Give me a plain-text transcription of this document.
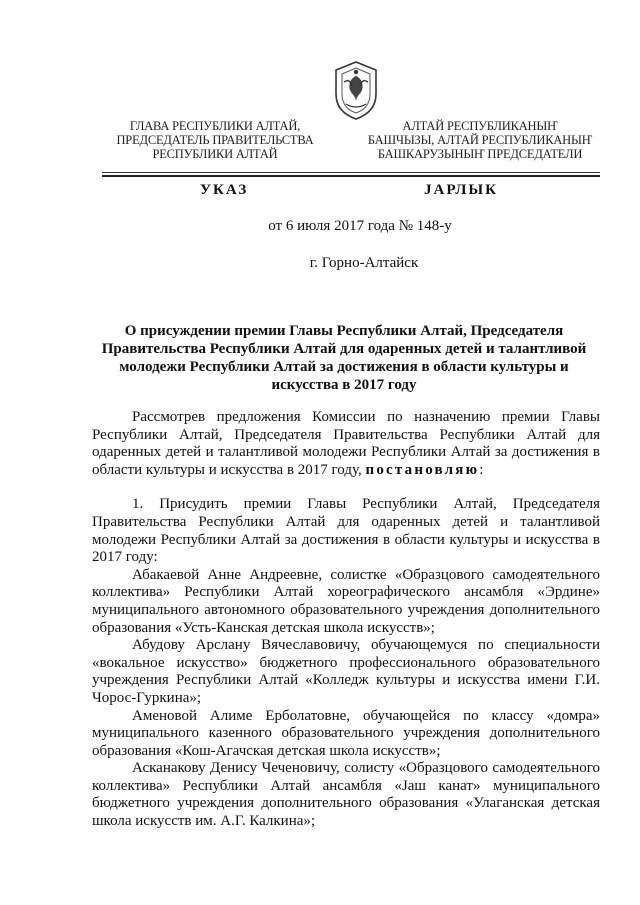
ГЛАВА РЕСПУБЛИКИ АЛТАЙ,
ПРЕДСЕДАТЕЛЬ ПРАВИТЕЛЬСТВА
РЕСПУБЛИКИ АЛТАЙ
АЛТАЙ РЕСПУБЛИКАНЫҤ
БАШЧЫЗЫ, АЛТАЙ РЕСПУБЛИКАНЫҤ
БАШКАРУЗЫНЫҤ ПРЕДСЕДАТЕЛИ
УКАЗ	JАРЛЫК
от 6 июля 2017 года № 148-у
г. Горно-Алтайск
О присуждении премии Главы Республики Алтай, Председателя Правительства Республики Алтай для одаренных детей и талантливой молодежи Республики Алтай за достижения в области культуры и искусства в 2017 году

Рассмотрев предложения Комиссии по назначению премии Главы Республики Алтай, Председателя Правительства Республики Алтай для одаренных детей и талантливой молодежи Республики Алтай за достижения в области культуры и искусства в 2017 году, постановляю:

1. Присудить премии Главы Республики Алтай, Председателя Правительства Республики Алтай для одаренных детей и талантливой молодежи Республики Алтай за достижения в области культуры и искусства в 2017 году:

Абакаевой Анне Андреевне, солистке «Образцового самодеятельного коллектива» Республики Алтай хореографического ансамбля «Эрдине» муниципального автономного образовательного учреждения дополнительного образования «Усть-Канская детская школа искусств»;

Абудову Арслану Вячеславовичу, обучающемуся по специальности «вокальное искусство» бюджетного профессионального образовательного учреждения Республики Алтай «Колледж культуры и искусства имени Г.И. Чорос-Гуркина»;

Аменовой Алиме Ерболатовне, обучающейся по классу «домра» муниципального казенного образовательного учреждения дополнительного образования «Кош-Агачская детская школа искусств»;

Асканакову Денису Чеченовичу, солисту «Образцового самодеятельного коллектива» Республики Алтай ансамбля «Јаш канат» муниципального бюджетного учреждения дополнительного образования «Улаганская детская школа искусств им. А.Г. Калкина»;
